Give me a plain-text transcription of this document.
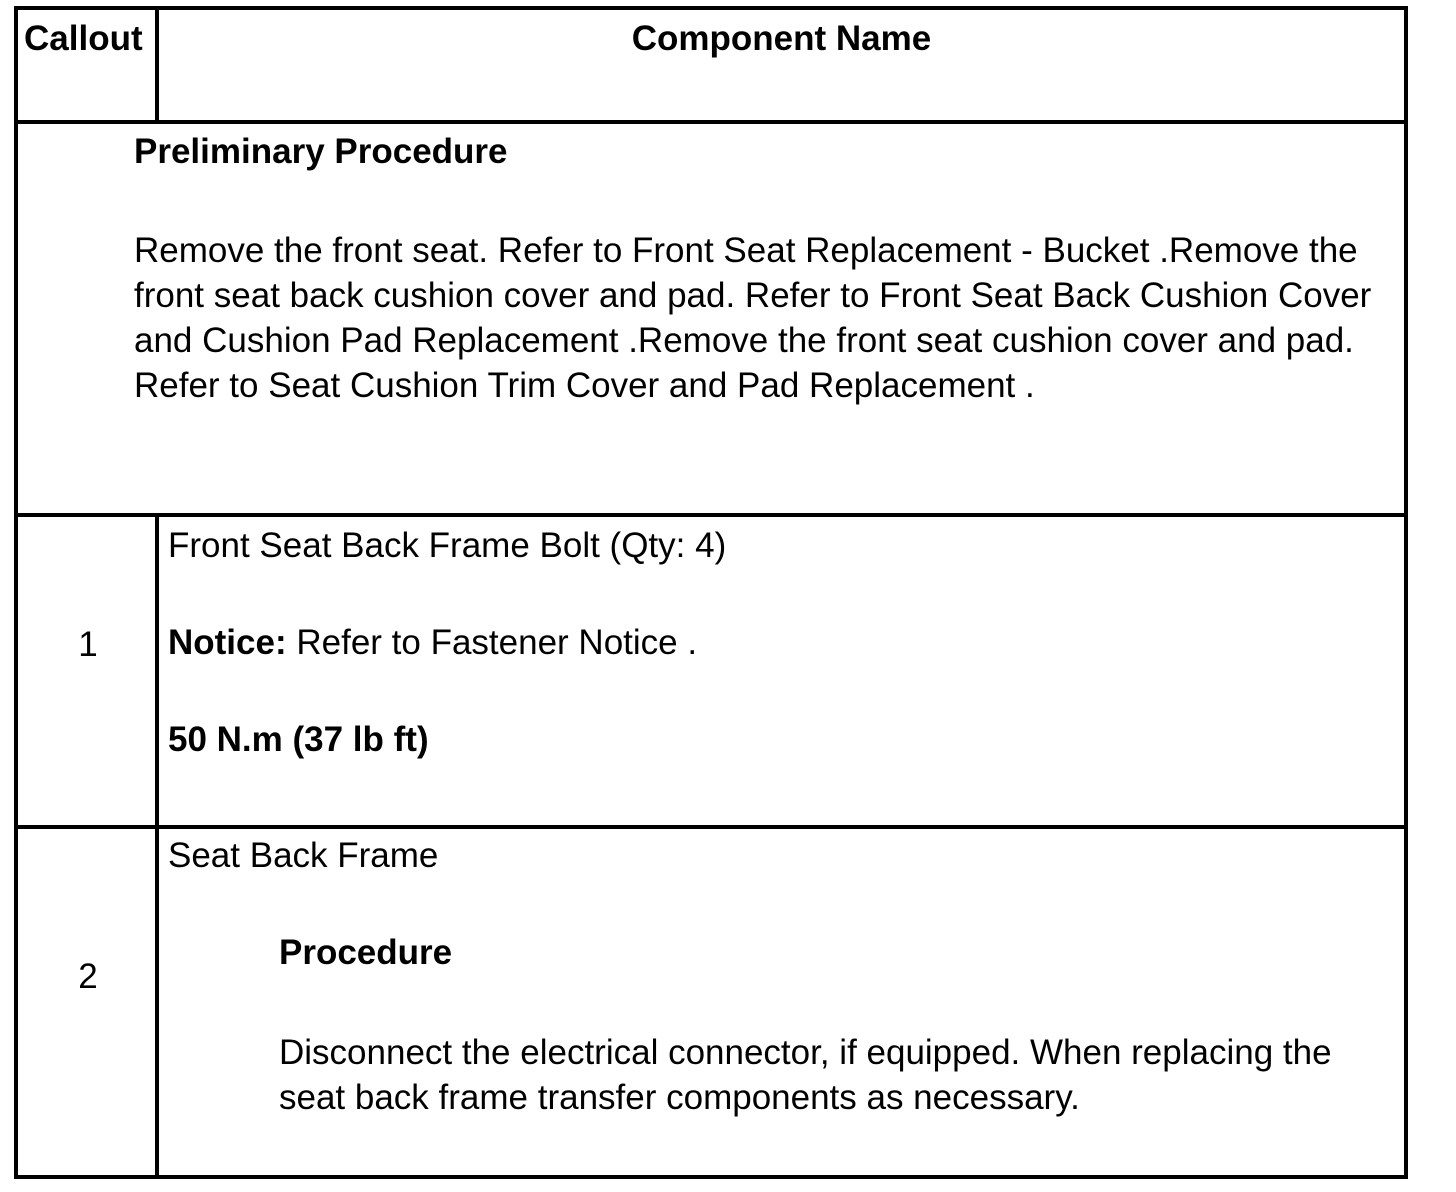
Callout	Component Name
Preliminary Procedure
Remove the front seat. Refer to Front Seat Replacement - Bucket .Remove the front seat back cushion cover and pad. Refer to Front Seat Back Cushion Cover and Cushion Pad Replacement .Remove the front seat cushion cover and pad. Refer to Seat Cushion Trim Cover and Pad Replacement .
1
Front Seat Back Frame Bolt (Qty: 4)
Notice: Refer to Fastener Notice .
50 N.m (37 lb ft)
2
Seat Back Frame
Procedure
Disconnect the electrical connector, if equipped. When replacing the seat back frame transfer components as necessary.
